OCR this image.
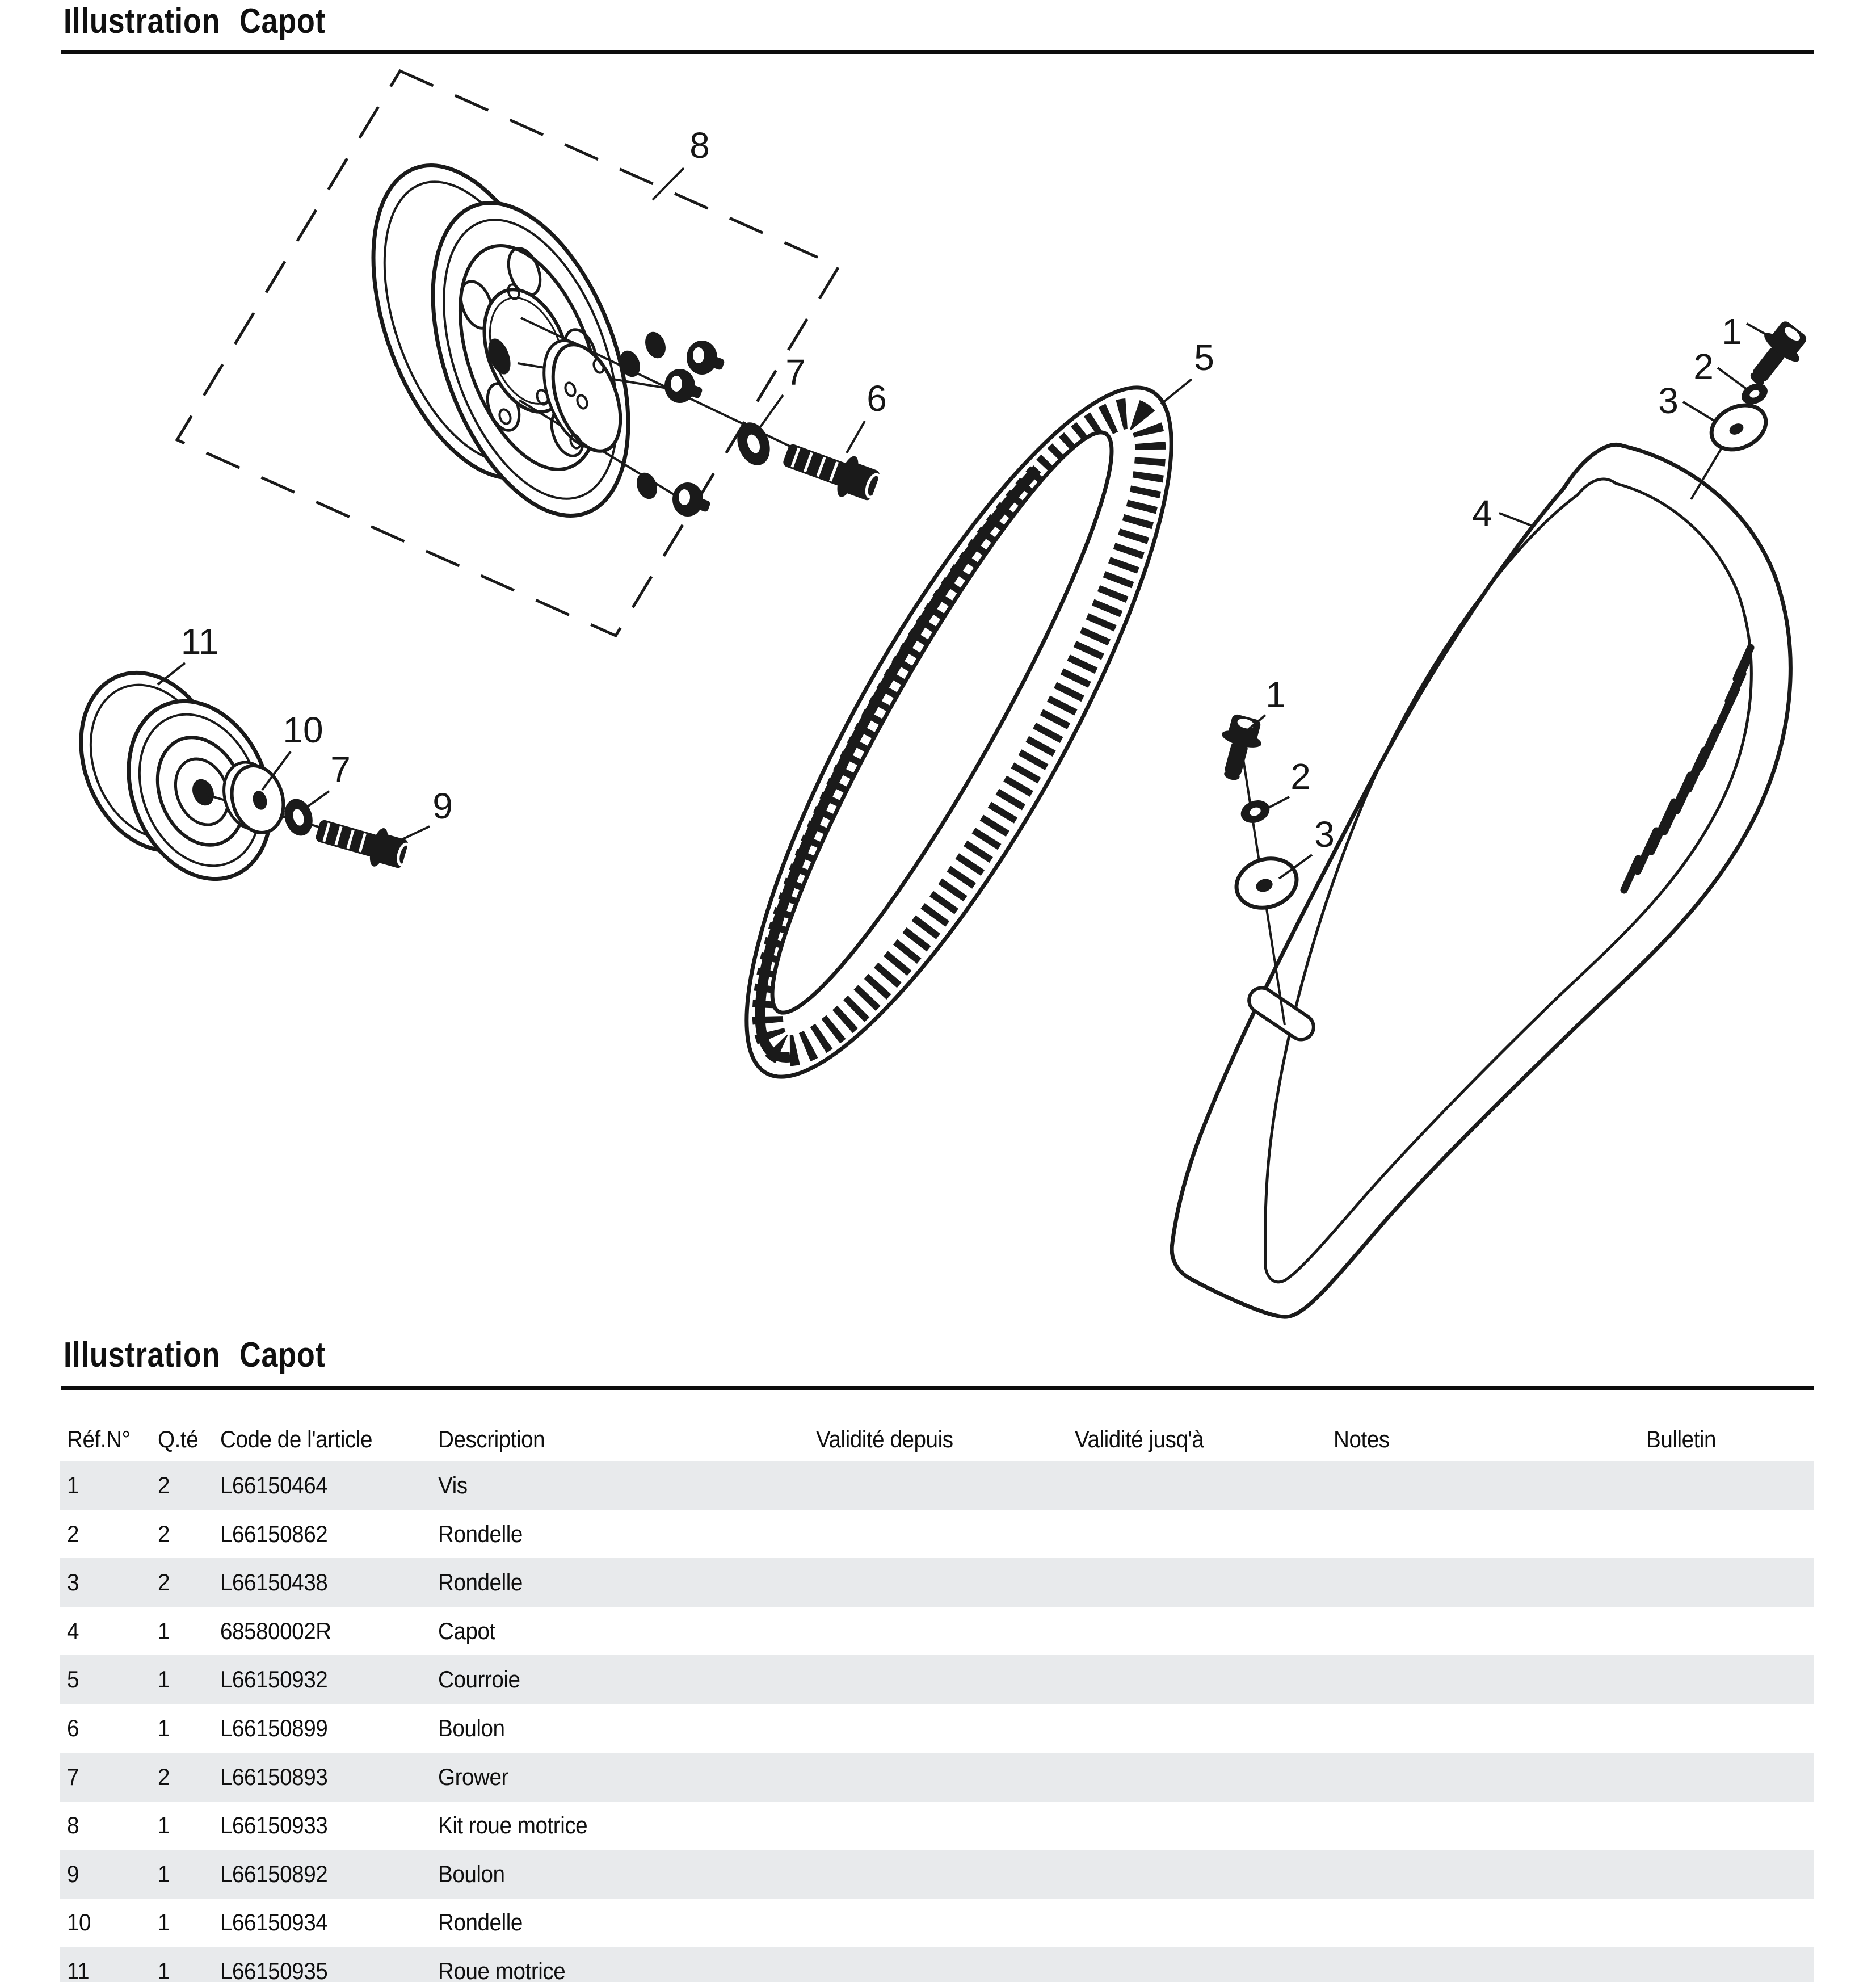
Illustration Capot
8
7
6
5
4
1
2
3
1
2
3
11
10
7
9
Illustration Capot
Réf.N° Q.té Code de l'article	Description	Validité depuis	Validité jusq'à	Notes	Bulletin
1	2 L66150464	Vis
2	2 L66150862	Rondelle
3	2 L66150438	Rondelle
4	1 68580002R	Capot
5	1 L66150932	Courroie
6	1 L66150899	Boulon
7	2 L66150893	Grower
8	1 L66150933	Kit roue motrice
9	1 L66150892	Boulon
10	1 L66150934	Rondelle
11	1 L66150935	Roue motrice
